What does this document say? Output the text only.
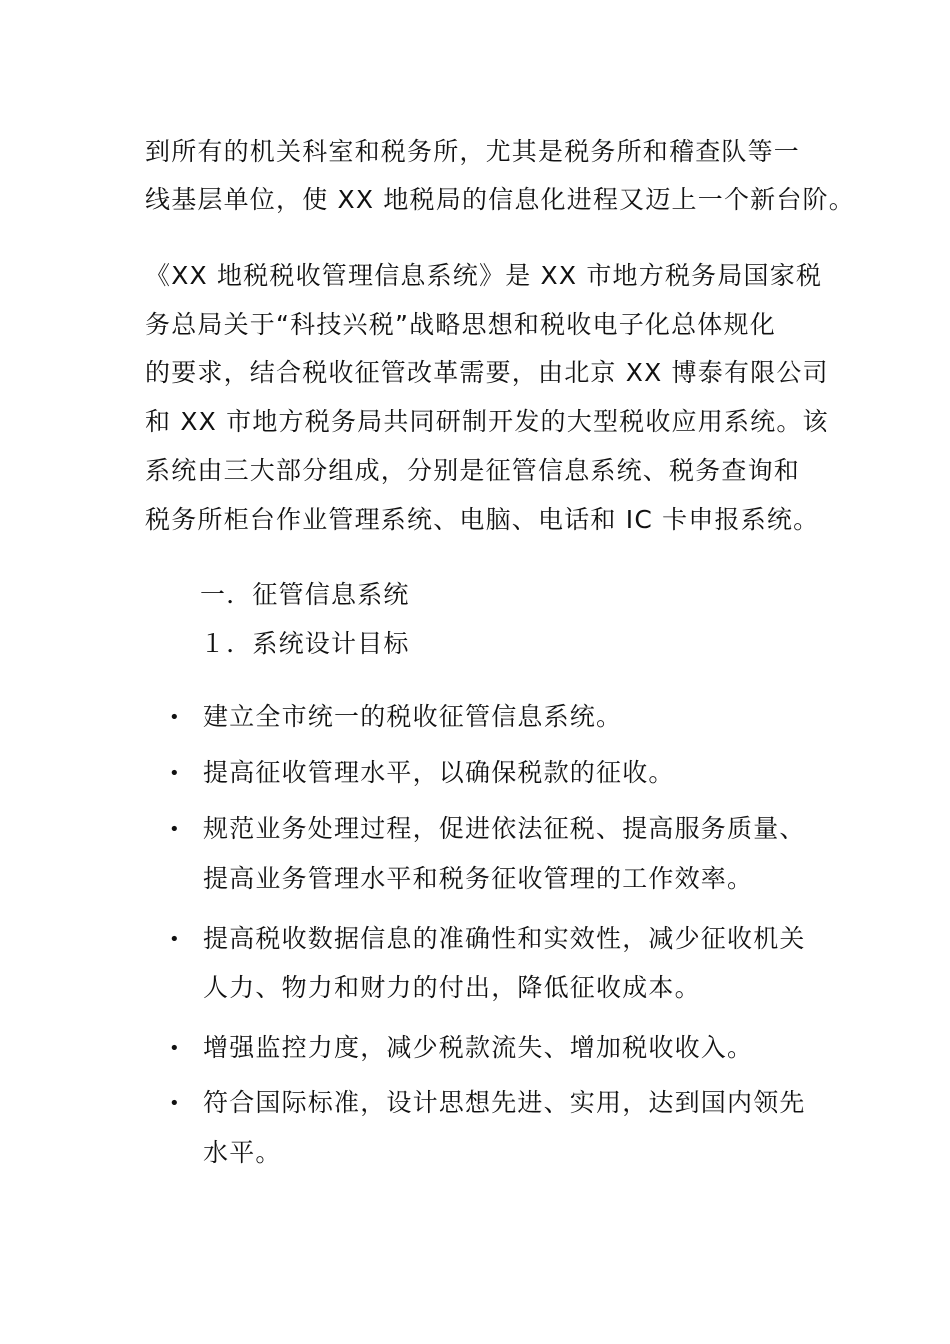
到所有的机关科室和税务所，尤其是税务所和稽查队等一
线基层单位，使 XX 地税局的信息化进程又迈上一个新台阶。
《XX 地税税收管理信息系统》是 XX 市地方税务局国家税
务总局关于“科技兴税”战略思想和税收电子化总体规化
的要求，结合税收征管改革需要，由北京 XX 博泰有限公司
和 XX 市地方税务局共同研制开发的大型税收应用系统。该
系统由三大部分组成，分别是征管信息系统、税务查询和
税务所柜台作业管理系统、电脑、电话和 IC 卡申报系统。
一．征管信息系统
１．系统设计目标
• 建立全市统一的税收征管信息系统。
• 提高征收管理水平，以确保税款的征收。
• 规范业务处理过程，促进依法征税、提高服务质量、
提高业务管理水平和税务征收管理的工作效率。
• 提高税收数据信息的准确性和实效性，减少征收机关
人力、物力和财力的付出，降低征收成本。
• 增强监控力度，减少税款流失、增加税收收入。
• 符合国际标准，设计思想先进、实用，达到国内领先
水平。
